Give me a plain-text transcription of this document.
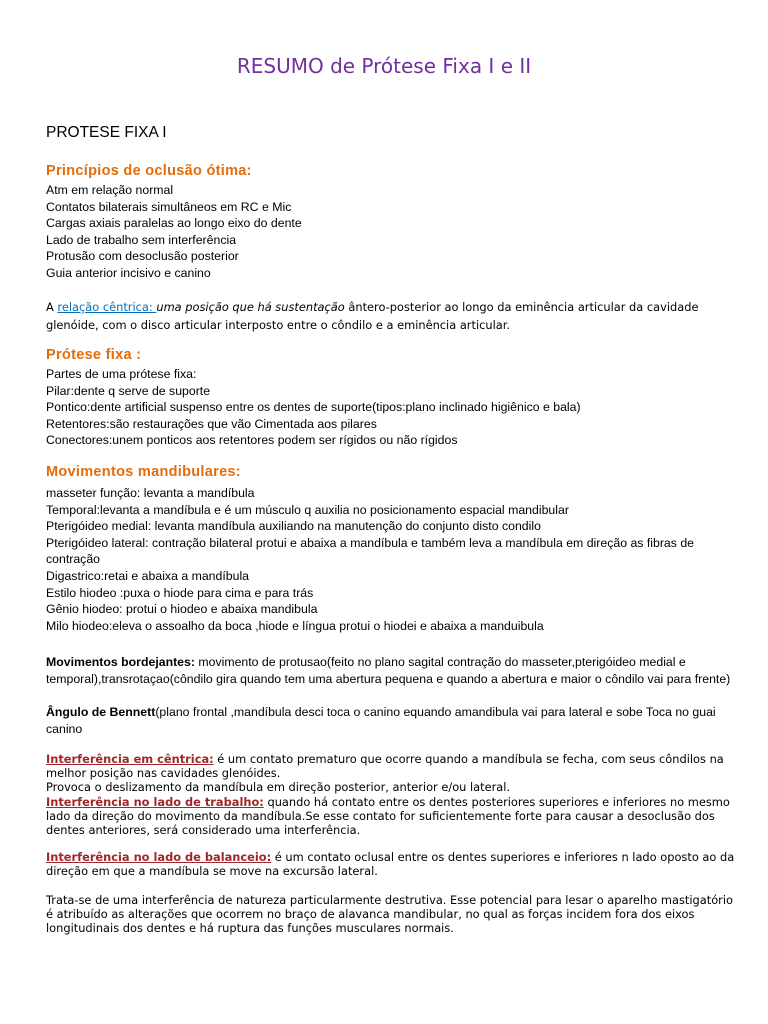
RESUMO de Prótese Fixa I e II
PROTESE FIXA I
Princípios de oclusão ótima:
Atm em relação normal
Contatos bilaterais simultâneos em RC e Mic
Cargas axiais paralelas ao longo eixo do dente
Lado de trabalho sem interferência
Protusão com desoclusão posterior
Guia anterior incisivo e canino
A relação cêntrica: uma posição que há sustentação ântero-posterior ao longo da eminência articular da cavidade glenóide, com o disco articular interposto entre o côndilo e a eminência articular.
Prótese fixa :
Partes de uma prótese fixa:
Pilar:dente q serve de suporte
Pontico:dente artificial suspenso entre os dentes de suporte(tipos:plano inclinado higiênico e bala)
Retentores:são restaurações que vão Cimentada aos pilares
Conectores:unem ponticos aos retentores podem ser rígidos ou não rígidos
Movimentos mandibulares:
masseter função: levanta a mandíbula
Temporal:levanta a mandíbula e é um músculo q auxilia no posicionamento espacial mandibular
Pterigóideo medial: levanta mandíbula auxiliando na manutenção do conjunto disto condilo
Pterigóideo lateral: contração bilateral protui e abaixa a mandíbula e também leva a mandíbula em direção as fibras de contração
Digastrico:retai e abaixa a mandíbula
Estilo hiodeo :puxa o hiode para cima e para trás
Gênio hiodeo: protui o hiodeo e abaixa mandibula
Milo hiodeo:eleva o assoalho da boca ,hiode e língua protui o hiodei e abaixa a manduibula
Movimentos bordejantes: movimento de protusao(feito no plano sagital contração do masseter,pterigóideo medial e temporal),transrotaçao(côndilo gira quando tem uma abertura pequena e quando a abertura e maior o côndilo vai para frente)
Ângulo de Bennett(plano frontal ,mandíbula desci toca o canino equando amandibula vai para lateral e sobe Toca no guai canino
Interferência em cêntrica: é um contato prematuro que ocorre quando a mandíbula se fecha, com seus côndilos na melhor posição nas cavidades glenóides.
Provoca o deslizamento da mandíbula em direção posterior, anterior e/ou lateral.
Interferência no lado de trabalho: quando há contato entre os dentes posteriores superiores e inferiores no mesmo lado da direção do movimento da mandíbula.Se esse contato for suficientemente forte para causar a desoclusão dos dentes anteriores, será considerado uma interferência.
Interferência no lado de balanceio: é um contato oclusal entre os dentes superiores e inferiores n lado oposto ao da direção em que a mandíbula se move na excursão lateral.
Trata-se de uma interferência de natureza particularmente destrutiva. Esse potencial para lesar o aparelho mastigatório é atribuído as alterações que ocorrem no braço de alavanca mandibular, no qual as forças incidem fora dos eixos longitudinais dos dentes e há ruptura das funções musculares normais.
